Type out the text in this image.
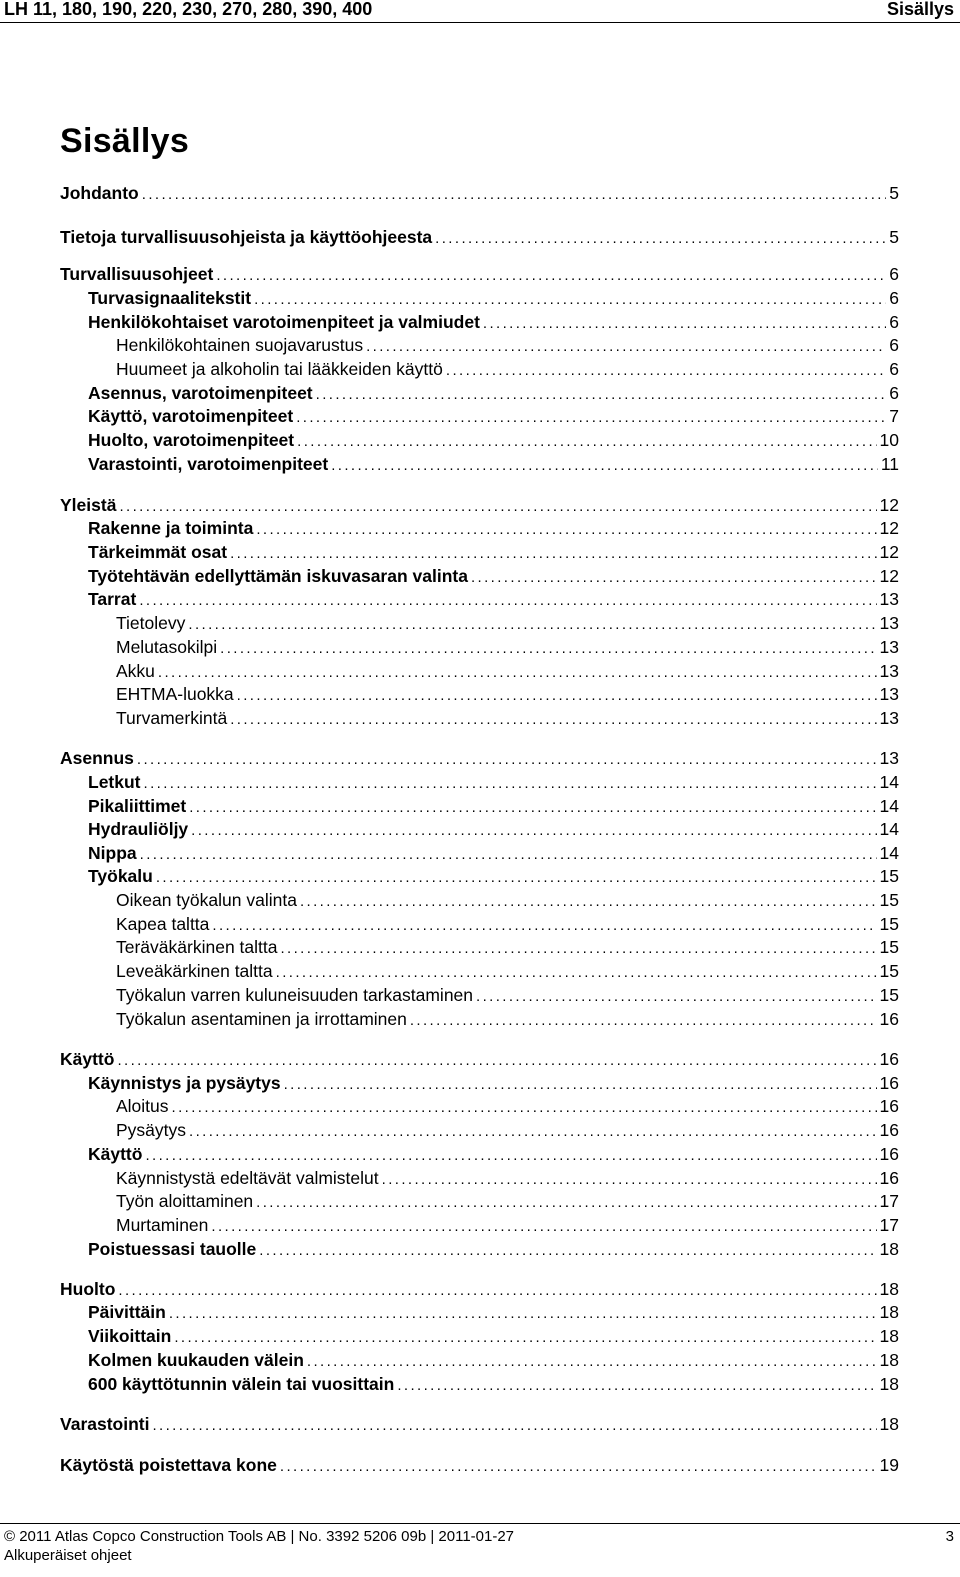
LH 11, 180, 190, 220, 230, 270, 280, 390, 400	Sisällys
Sisällys
Johdanto .....	5
Tietoja turvallisuusohjeista ja käyttöohjeesta .....	5
Turvallisuusohjeet .....	6
Turvasignaalitekstit .....	6
Henkilökohtaiset varotoimenpiteet ja valmiudet .....	6
Henkilökohtainen suojavarustus .....	6
Huumeet ja alkoholin tai lääkkeiden käyttö .....	6
Asennus, varotoimenpiteet .....	6
Käyttö, varotoimenpiteet .....	7
Huolto, varotoimenpiteet .....	10
Varastointi, varotoimenpiteet .....	11
Yleistä .....	12
Rakenne ja toiminta .....	12
Tärkeimmät osat .....	12
Työtehtävän edellyttämän iskuvasaran valinta .....	12
Tarrat .....	13
Tietolevy .....	13
Melutasokilpi .....	13
Akku .....	13
EHTMA-luokka .....	13
Turvamerkintä .....	13
Asennus .....	13
Letkut .....	14
Pikaliittimet .....	14
Hydrauliöljy .....	14
Nippa .....	14
Työkalu .....	15
Oikean työkalun valinta .....	15
Kapea taltta .....	15
Teräväkärkinen taltta .....	15
Leveäkärkinen taltta .....	15
Työkalun varren kuluneisuuden tarkastaminen .....	15
Työkalun asentaminen ja irrottaminen .....	16
Käyttö .....	16
Käynnistys ja pysäytys .....	16
Aloitus .....	16
Pysäytys .....	16
Käyttö .....	16
Käynnistystä edeltävät valmistelut .....	16
Työn aloittaminen .....	17
Murtaminen .....	17
Poistuessasi tauolle .....	18
Huolto .....	18
Päivittäin .....	18
Viikoittain .....	18
Kolmen kuukauden välein .....	18
600 käyttötunnin välein tai vuosittain .....	18
Varastointi .....	18
Käytöstä poistettava kone .....	19
© 2011 Atlas Copco Construction Tools AB | No. 3392 5206 09b | 2011-01-27
Alkuperäiset ohjeet
3
